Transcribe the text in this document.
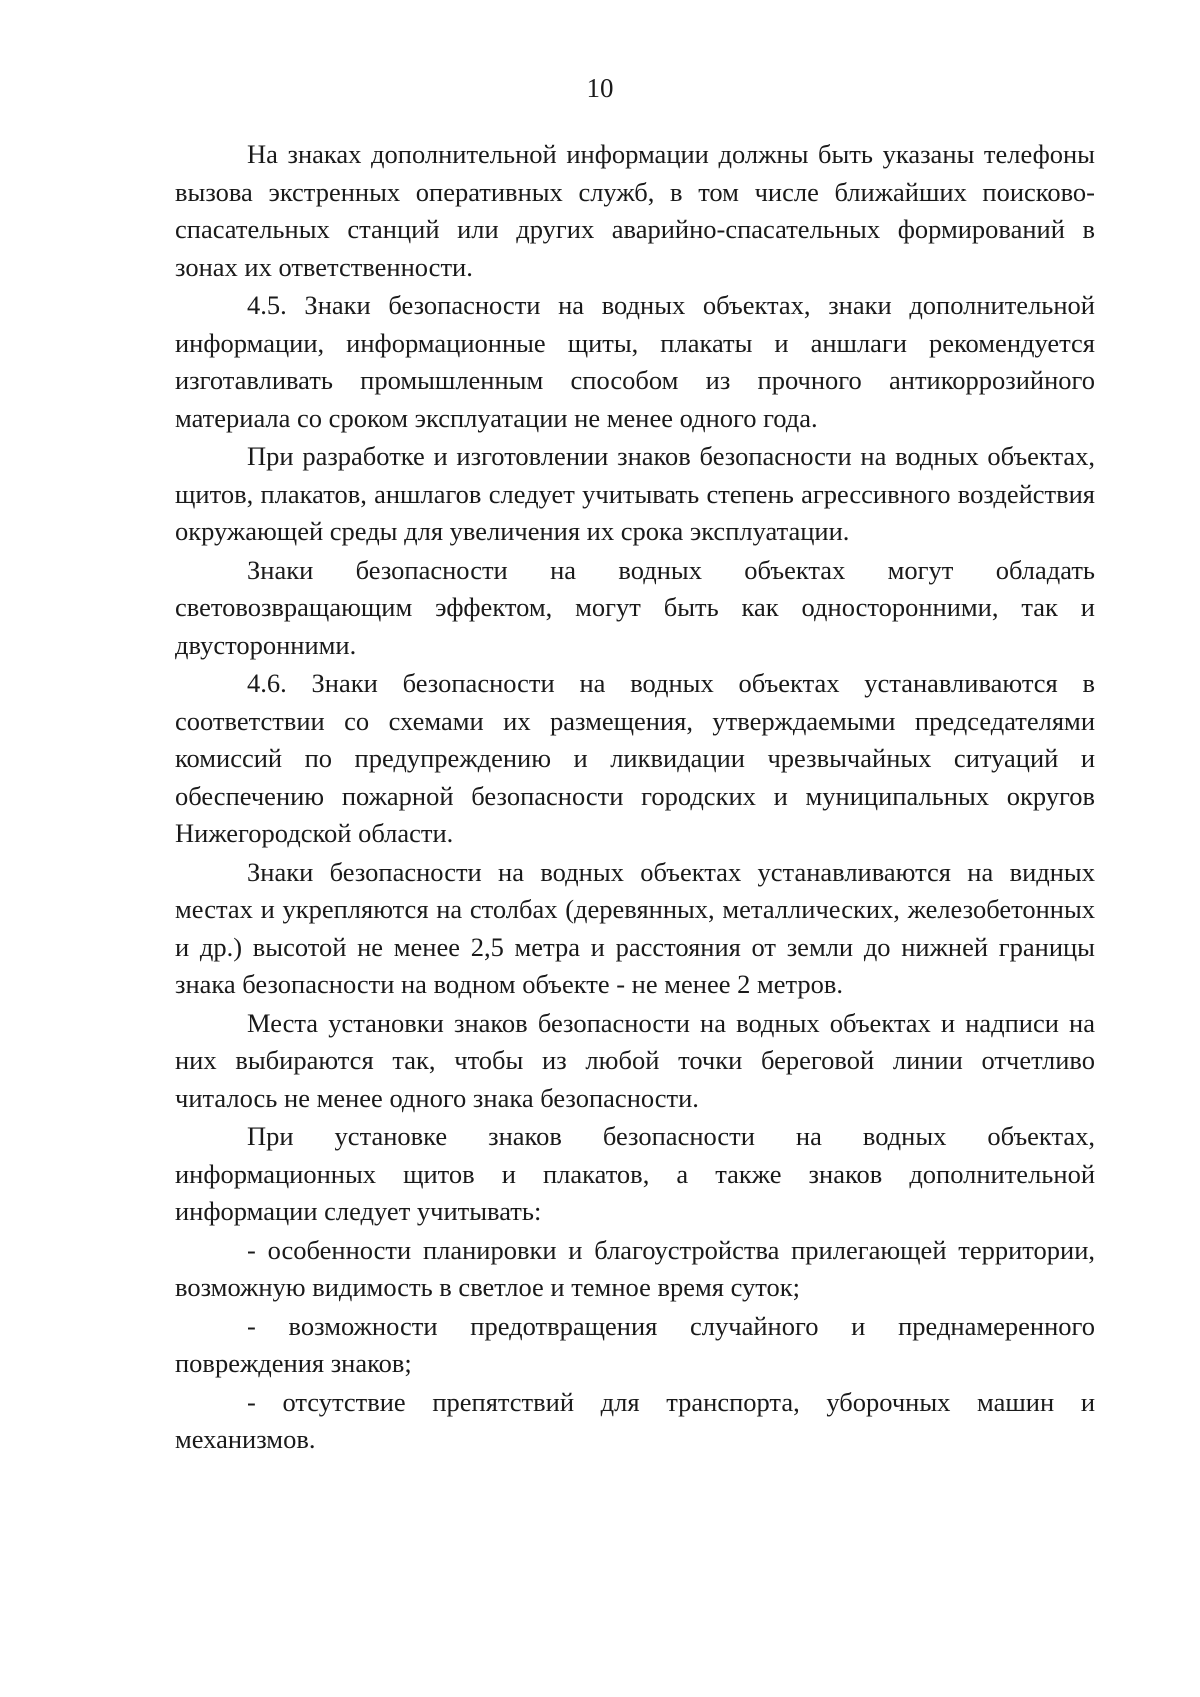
10

На знаках дополнительной информации должны быть указаны телефоны вызова экстренных оперативных служб, в том числе ближайших поисково-спасательных станций или других аварийно-спасательных формирований в зонах их ответственности.

4.5. Знаки безопасности на водных объектах, знаки дополнительной информации, информационные щиты, плакаты и аншлаги рекомендуется изготавливать промышленным способом из прочного антикоррозийного материала со сроком эксплуатации не менее одного года.

При разработке и изготовлении знаков безопасности на водных объектах, щитов, плакатов, аншлагов следует учитывать степень агрессивного воздействия окружающей среды для увеличения их срока эксплуатации.

Знаки безопасности на водных объектах могут обладать световозвращающим эффектом, могут быть как односторонними, так и двусторонними.

4.6. Знаки безопасности на водных объектах устанавливаются в соответствии со схемами их размещения, утверждаемыми председателями комиссий по предупреждению и ликвидации чрезвычайных ситуаций и обеспечению пожарной безопасности городских и муниципальных округов Нижегородской области.

Знаки безопасности на водных объектах устанавливаются на видных местах и укрепляются на столбах (деревянных, металлических, железобетонных и др.) высотой не менее 2,5 метра и расстояния от земли до нижней границы знака безопасности на водном объекте - не менее 2 метров.

Места установки знаков безопасности на водных объектах и надписи на них выбираются так, чтобы из любой точки береговой линии отчетливо читалось не менее одного знака безопасности.

При установке знаков безопасности на водных объектах, информационных щитов и плакатов, а также знаков дополнительной информации следует учитывать:

- особенности планировки и благоустройства прилегающей территории, возможную видимость в светлое и темное время суток;

- возможности предотвращения случайного и преднамеренного повреждения знаков;

- отсутствие препятствий для транспорта, уборочных машин и механизмов.
